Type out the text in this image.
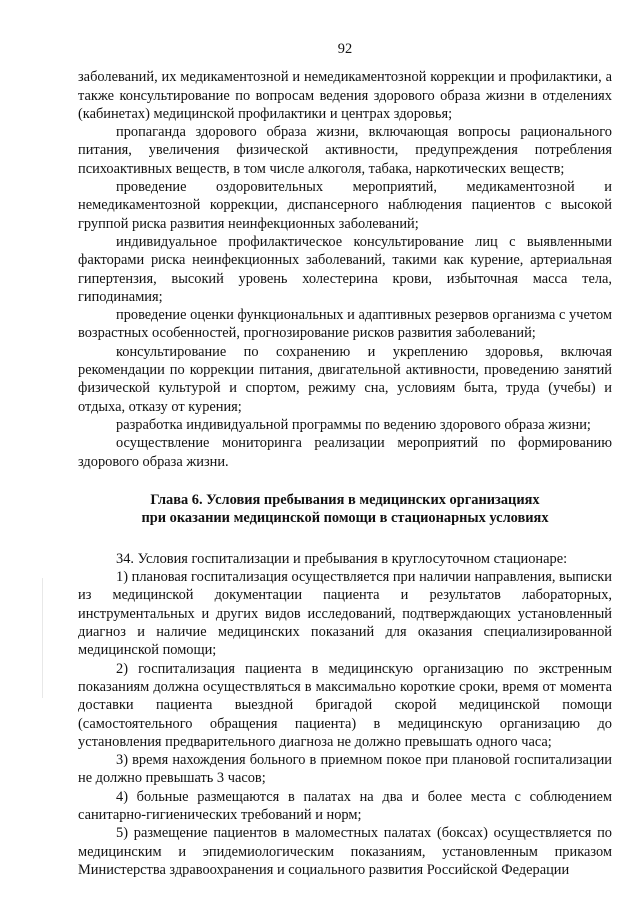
92

заболеваний, их медикаментозной и немедикаментозной коррекции и профилактики, а также консультирование по вопросам ведения здорового образа жизни в отделениях (кабинетах) медицинской профилактики и центрах здоровья;

пропаганда здорового образа жизни, включающая вопросы рационального питания, увеличения физической активности, предупреждения потребления психоактивных веществ, в том числе алкоголя, табака, наркотических веществ;

проведение оздоровительных мероприятий, медикаментозной и немедикаментозной коррекции, диспансерного наблюдения пациентов с высокой группой риска развития неинфекционных заболеваний;

индивидуальное профилактическое консультирование лиц с выявленными факторами риска неинфекционных заболеваний, такими как курение, артериальная гипертензия, высокий уровень холестерина крови, избыточная масса тела, гиподинамия;

проведение оценки функциональных и адаптивных резервов организма с учетом возрастных особенностей, прогнозирование рисков развития заболеваний;

консультирование по сохранению и укреплению здоровья, включая рекомендации по коррекции питания, двигательной активности, проведению занятий физической культурой и спортом, режиму сна, условиям быта, труда (учебы) и отдыха, отказу от курения;

разработка индивидуальной программы по ведению здорового образа жизни;

осуществление мониторинга реализации мероприятий по формированию здорового образа жизни.

Глава 6. Условия пребывания в медицинских организациях
при оказании медицинской помощи в стационарных условиях

34. Условия госпитализации и пребывания в круглосуточном стационаре:

1) плановая госпитализация осуществляется при наличии направления, выписки из медицинской документации пациента и результатов лабораторных, инструментальных и других видов исследований, подтверждающих установленный диагноз и наличие медицинских показаний для оказания специализированной медицинской помощи;

2) госпитализация пациента в медицинскую организацию по экстренным показаниям должна осуществляться в максимально короткие сроки, время от момента доставки пациента выездной бригадой скорой медицинской помощи (самостоятельного обращения пациента) в медицинскую организацию до установления предварительного диагноза не должно превышать одного часа;

3) время нахождения больного в приемном покое при плановой госпитализации не должно превышать 3 часов;

4) больные размещаются в палатах на два и более места с соблюдением санитарно-гигиенических требований и норм;

5) размещение пациентов в маломестных палатах (боксах) осуществляется по медицинским и эпидемиологическим показаниям, установленным приказом Министерства здравоохранения и социального развития Российской Федерации
